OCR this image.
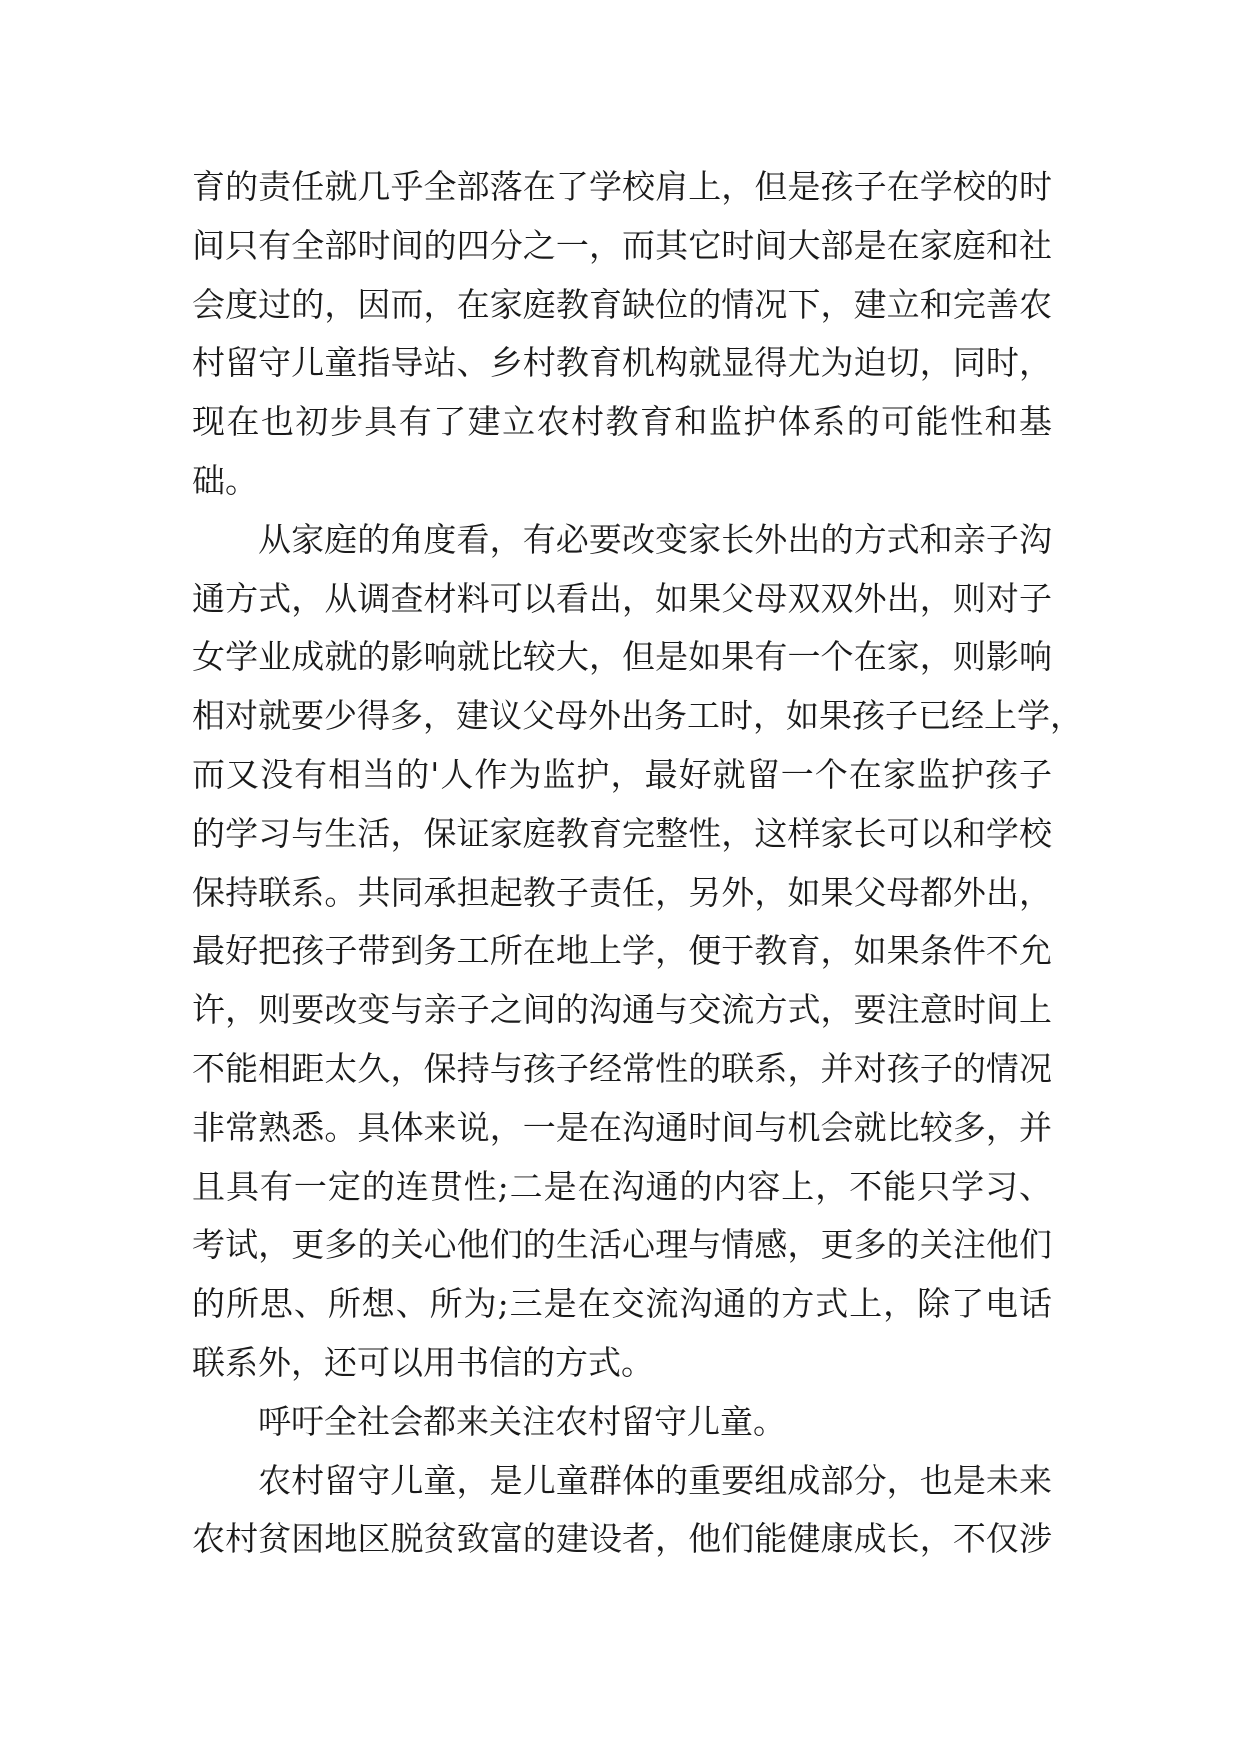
育的责任就几乎全部落在了学校肩上，但是孩子在学校的时
间只有全部时间的四分之一，而其它时间大部是在家庭和社
会度过的，因而，在家庭教育缺位的情况下，建立和完善农
村留守儿童指导站、乡村教育机构就显得尤为迫切，同时，
现在也初步具有了建立农村教育和监护体系的可能性和基
础。
从家庭的角度看，有必要改变家长外出的方式和亲子沟
通方式，从调查材料可以看出，如果父母双双外出，则对子
女学业成就的影响就比较大，但是如果有一个在家，则影响
相对就要少得多，建议父母外出务工时，如果孩子已经上学，
而又没有相当的'人作为监护，最好就留一个在家监护孩子
的学习与生活，保证家庭教育完整性，这样家长可以和学校
保持联系。共同承担起教子责任，另外，如果父母都外出，
最好把孩子带到务工所在地上学，便于教育，如果条件不允
许，则要改变与亲子之间的沟通与交流方式，要注意时间上
不能相距太久，保持与孩子经常性的联系，并对孩子的情况
非常熟悉。具体来说，一是在沟通时间与机会就比较多，并
且具有一定的连贯性;二是在沟通的内容上，不能只学习、
考试，更多的关心他们的生活心理与情感，更多的关注他们
的所思、所想、所为;三是在交流沟通的方式上，除了电话
联系外，还可以用书信的方式。
呼吁全社会都来关注农村留守儿童。
农村留守儿童，是儿童群体的重要组成部分，也是未来
农村贫困地区脱贫致富的建设者，他们能健康成长，不仅涉
